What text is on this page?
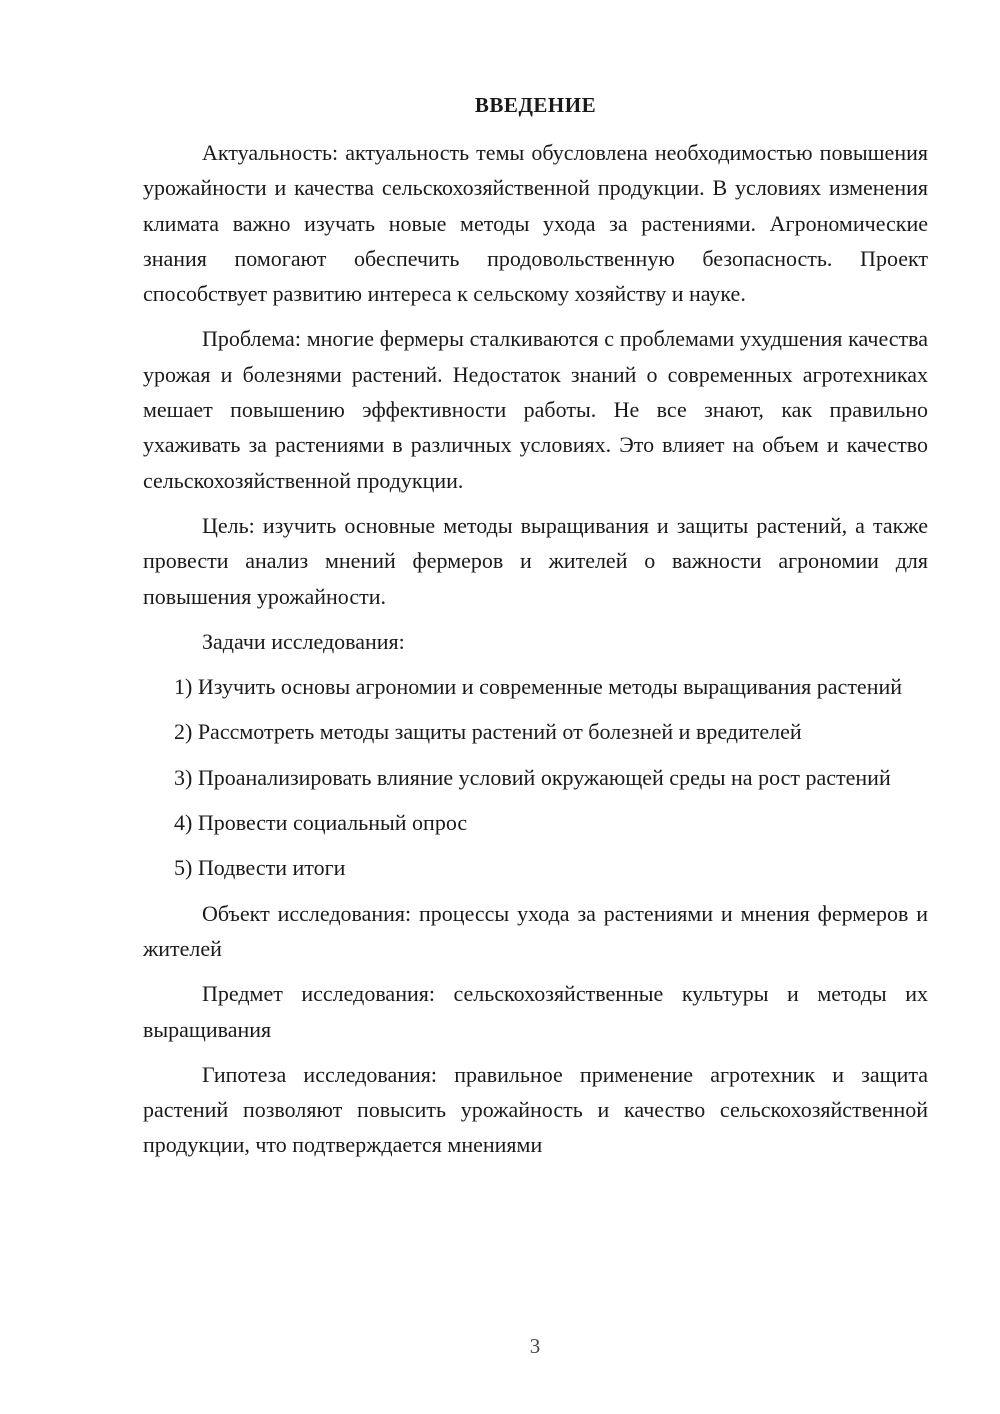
ВВЕДЕНИЕ

Актуальность: актуальность темы обусловлена необходимостью повышения урожайности и качества сельскохозяйственной продукции. В условиях изменения климата важно изучать новые методы ухода за растениями. Агрономические знания помогают обеспечить продовольственную безопасность. Проект способствует развитию интереса к сельскому хозяйству и науке.

Проблема: многие фермеры сталкиваются с проблемами ухудшения качества урожая и болезнями растений. Недостаток знаний о современных агротехниках мешает повышению эффективности работы. Не все знают, как правильно ухаживать за растениями в различных условиях. Это влияет на объем и качество сельскохозяйственной продукции.

Цель: изучить основные методы выращивания и защиты растений, а также провести анализ мнений фермеров и жителей о важности агрономии для повышения урожайности.

Задачи исследования:

1) Изучить основы агрономии и современные методы выращивания растений

2) Рассмотреть методы защиты растений от болезней и вредителей

3) Проанализировать влияние условий окружающей среды на рост растений

4) Провести социальный опрос

5) Подвести итоги

Объект исследования: процессы ухода за растениями и мнения фермеров и жителей

Предмет исследования: сельскохозяйственные культуры и методы их выращивания

Гипотеза исследования: правильное применение агротехник и защита растений позволяют повысить урожайность и качество сельскохозяйственной продукции, что подтверждается мнениями

3
